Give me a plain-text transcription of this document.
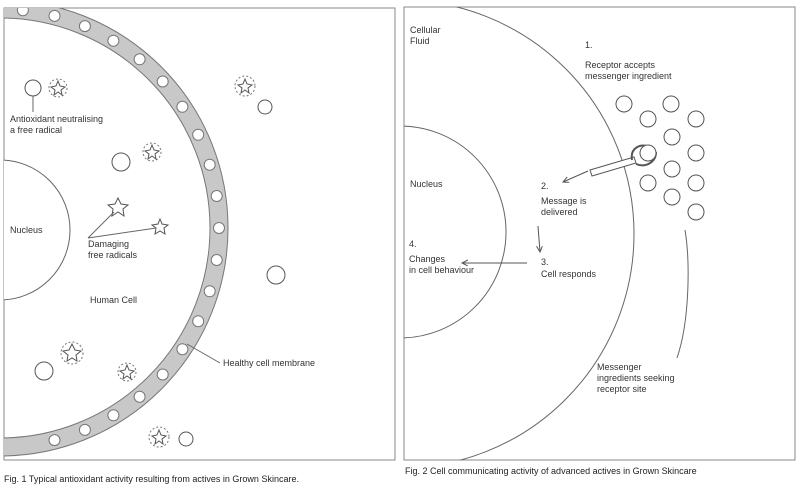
Antioxidant neutralising a free radical
Nucleus
Damaging free radicals
Human Cell
Healthy cell membrane
Fig. 1 Typical antioxidant activity resulting from actives in Grown Skincare.
Cellular Fluid	1. Receptor accepts messenger ingredient
Nucleus	2. Message is delivered
3. Cell responds
4. Changes in cell behaviour
Messenger ingredients seeking receptor site
Fig. 2 Cell communicating activity of advanced actives in Grown Skincare
